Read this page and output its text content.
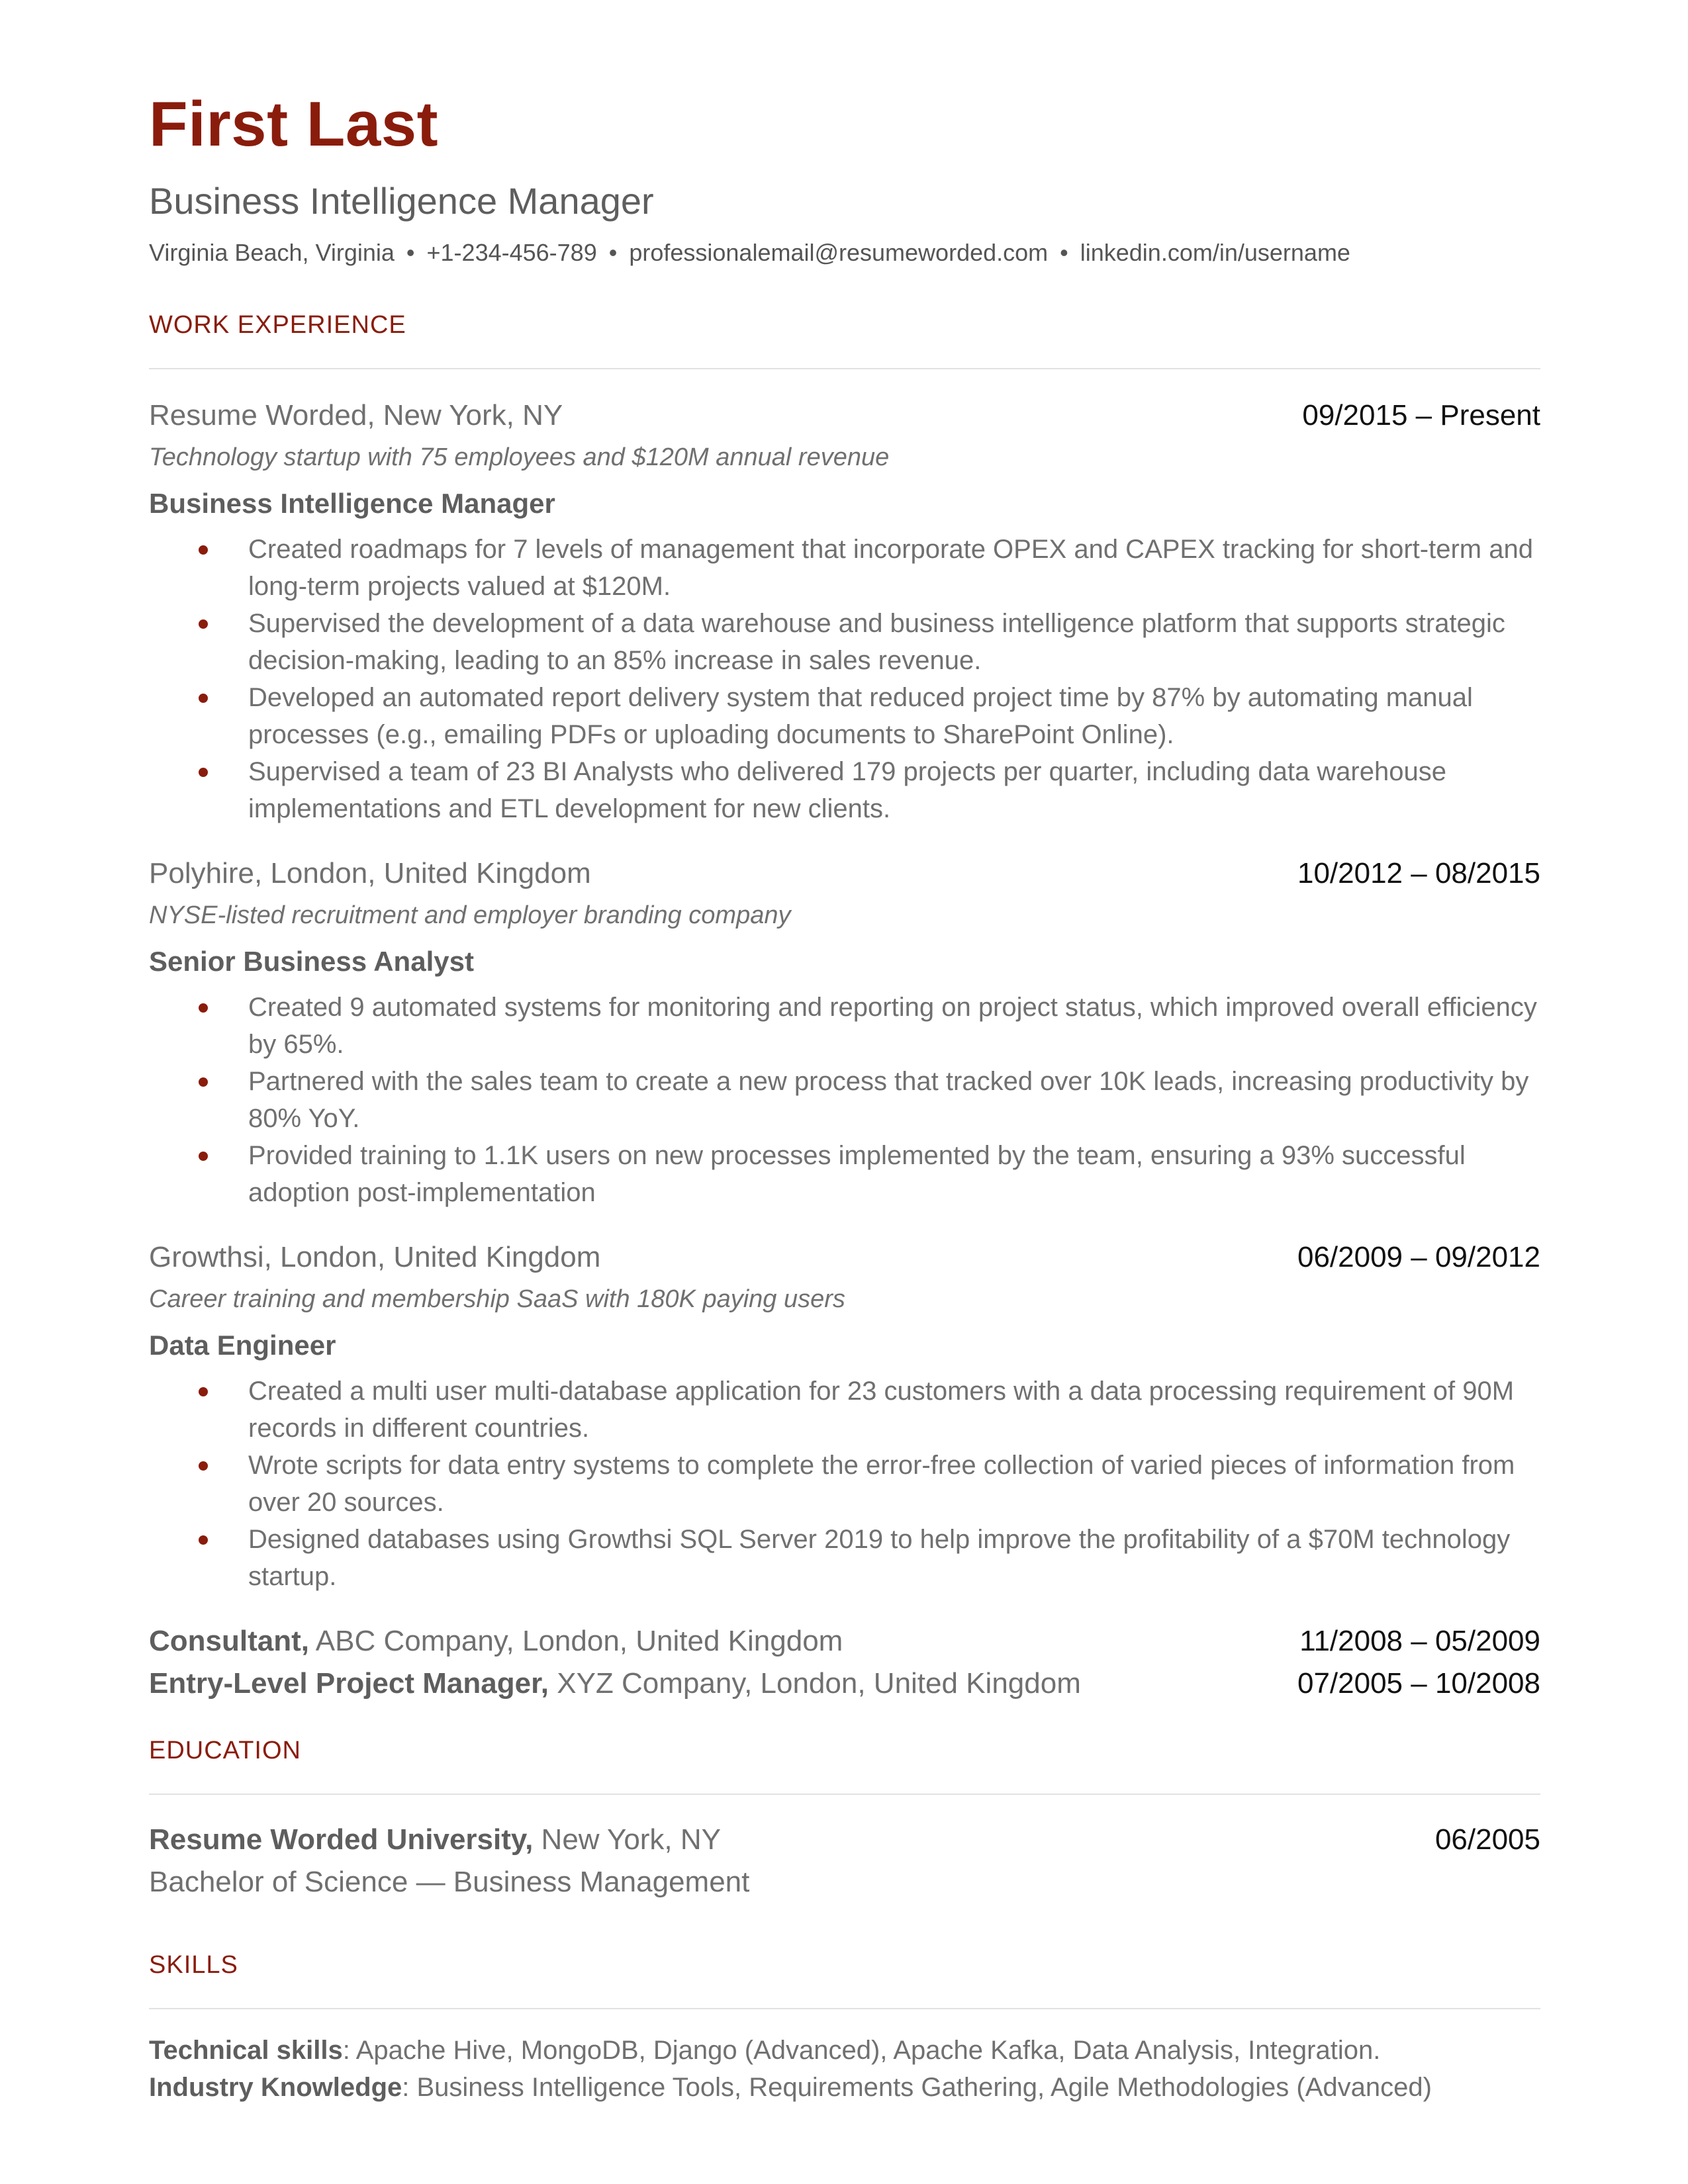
First Last
Business Intelligence Manager
Virginia Beach, Virginia • +1-234-456-789 • professionalemail@resumeworded.com • linkedin.com/in/username
WORK EXPERIENCE
Resume Worded, New York, NY	09/2015 – Present
Technology startup with 75 employees and $120M annual revenue
Business Intelligence Manager
Created roadmaps for 7 levels of management that incorporate OPEX and CAPEX tracking for short-term and long-term projects valued at $120M.
Supervised the development of a data warehouse and business intelligence platform that supports strategic decision-making, leading to an 85% increase in sales revenue.
Developed an automated report delivery system that reduced project time by 87% by automating manual processes (e.g., emailing PDFs or uploading documents to SharePoint Online).
Supervised a team of 23 BI Analysts who delivered 179 projects per quarter, including data warehouse implementations and ETL development for new clients.
Polyhire, London, United Kingdom	10/2012 – 08/2015
NYSE-listed recruitment and employer branding company
Senior Business Analyst
Created 9 automated systems for monitoring and reporting on project status, which improved overall efficiency by 65%.
Partnered with the sales team to create a new process that tracked over 10K leads, increasing productivity by 80% YoY.
Provided training to 1.1K users on new processes implemented by the team, ensuring a 93% successful adoption post-implementation
Growthsi, London, United Kingdom	06/2009 – 09/2012
Career training and membership SaaS with 180K paying users
Data Engineer
Created a multi user multi-database application for 23 customers with a data processing requirement of 90M records in different countries.
Wrote scripts for data entry systems to complete the error-free collection of varied pieces of information from over 20 sources.
Designed databases using Growthsi SQL Server 2019 to help improve the profitability of a $70M technology startup.
Consultant, ABC Company, London, United Kingdom	11/2008 – 05/2009
Entry-Level Project Manager, XYZ Company, London, United Kingdom	07/2005 – 10/2008
EDUCATION
Resume Worded University, New York, NY	06/2005
Bachelor of Science — Business Management
SKILLS
Technical skills: Apache Hive, MongoDB, Django (Advanced), Apache Kafka, Data Analysis, Integration.
Industry Knowledge: Business Intelligence Tools, Requirements Gathering, Agile Methodologies (Advanced)
